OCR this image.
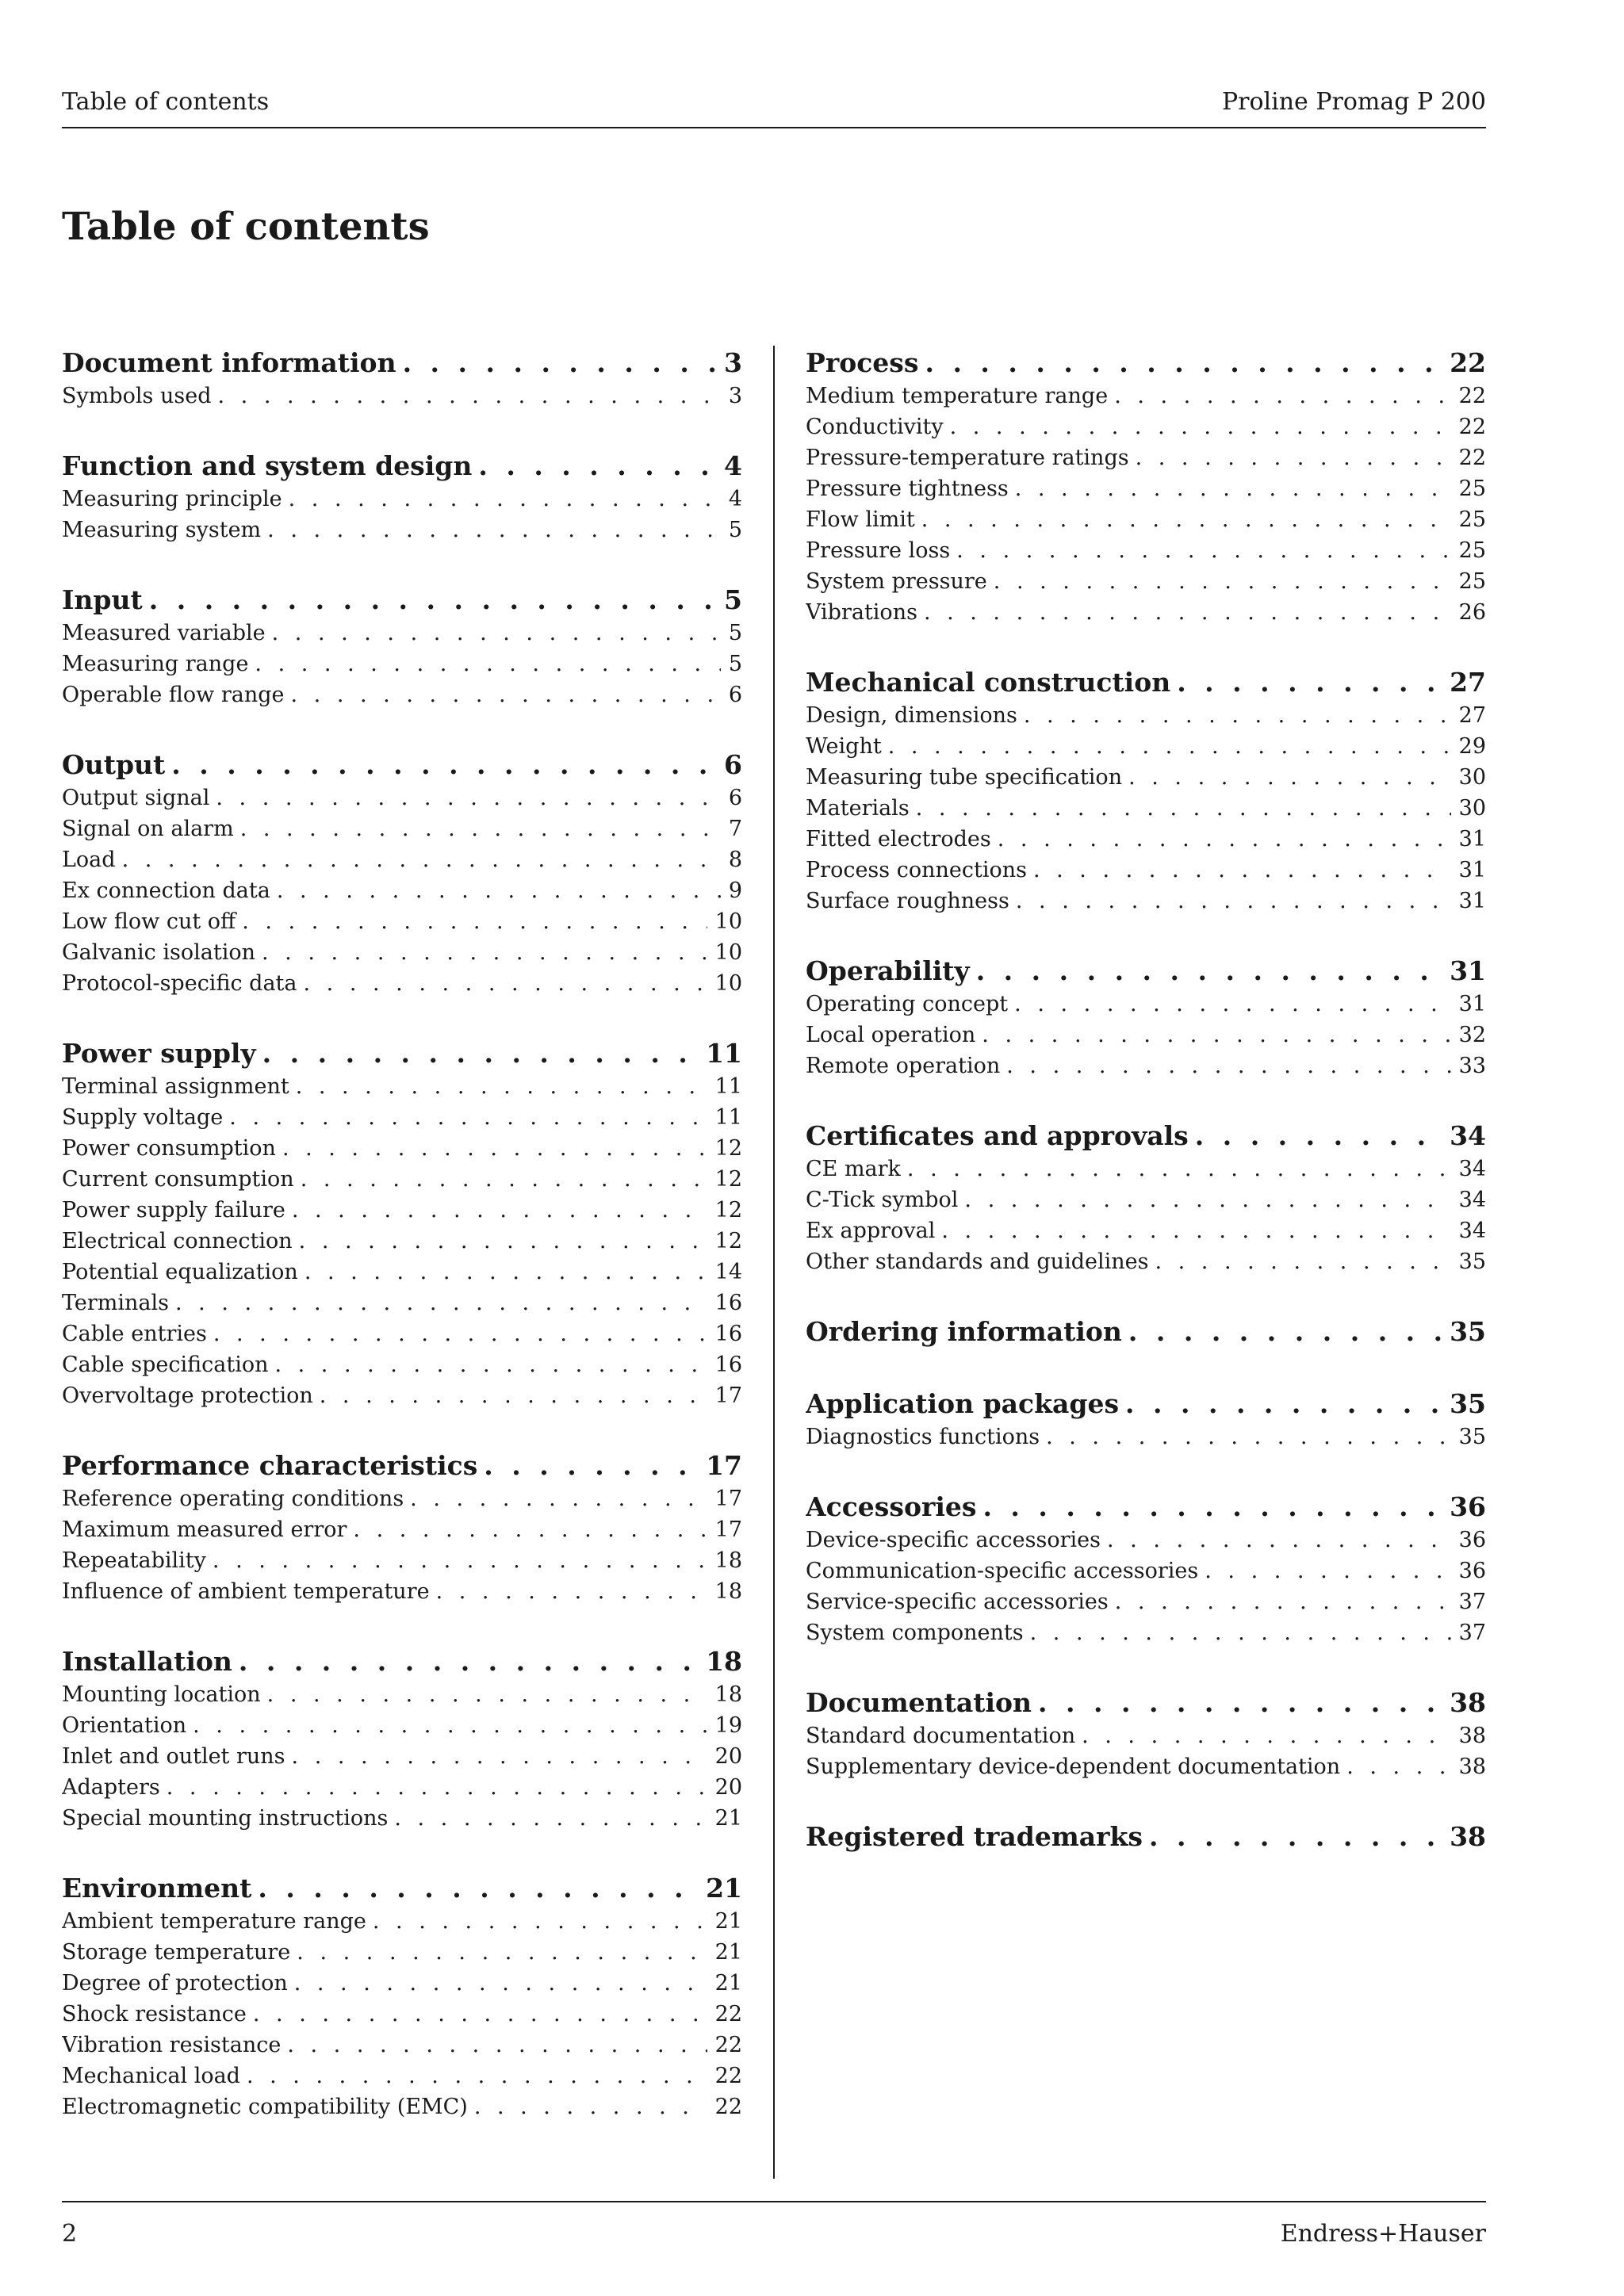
Table of contents	Proline Promag P 200
Table of contents
Document information . . .	3
Symbols used . . .	3
Function and system design . . .	4
Measuring principle . . .	4
Measuring system . . .	5
Input . . .	5
Measured variable . . .	5
Measuring range . . .	5
Operable flow range . . .	6
Output . . .	6
Output signal . . .	6
Signal on alarm . . .	7
Load . . .	8
Ex connection data . . .	9
Low flow cut off . . .	10
Galvanic isolation . . .	10
Protocol-specific data . . .	10
Power supply . . .	11
Terminal assignment . . .	11
Supply voltage . . .	11
Power consumption . . .	12
Current consumption . . .	12
Power supply failure . . .	12
Electrical connection . . .	12
Potential equalization . . .	14
Terminals . . .	16
Cable entries . . .	16
Cable specification . . .	16
Overvoltage protection . . .	17
Performance characteristics . . .	17
Reference operating conditions . . .	17
Maximum measured error . . .	17
Repeatability . . .	18
Influence of ambient temperature . . .	18
Installation . . .	18
Mounting location . . .	18
Orientation . . .	19
Inlet and outlet runs . . .	20
Adapters . . .	20
Special mounting instructions . . .	21
Environment . . .	21
Ambient temperature range . . .	21
Storage temperature . . .	21
Degree of protection . . .	21
Shock resistance . . .	22
Vibration resistance . . .	22
Mechanical load . . .	22
Electromagnetic compatibility (EMC) . . .	22
Process . . .	22
Medium temperature range . . .	22
Conductivity . . .	22
Pressure-temperature ratings . . .	22
Pressure tightness . . .	25
Flow limit . . .	25
Pressure loss . . .	25
System pressure . . .	25
Vibrations . . .	26
Mechanical construction . . .	27
Design, dimensions . . .	27
Weight . . .	29
Measuring tube specification . . .	30
Materials . . .	30
Fitted electrodes . . .	31
Process connections . . .	31
Surface roughness . . .	31
Operability . . .	31
Operating concept . . .	31
Local operation . . .	32
Remote operation . . .	33
Certificates and approvals . . .	34
CE mark . . .	34
C-Tick symbol . . .	34
Ex approval . . .	34
Other standards and guidelines . . .	35
Ordering information . . .	35
Application packages . . .	35
Diagnostics functions . . .	35
Accessories . . .	36
Device-specific accessories . . .	36
Communication-specific accessories . . .	36
Service-specific accessories . . .	37
System components . . .	37
Documentation . . .	38
Standard documentation . . .	38
Supplementary device-dependent documentation . . .	38
Registered trademarks . . .	38
2	Endress+Hauser
